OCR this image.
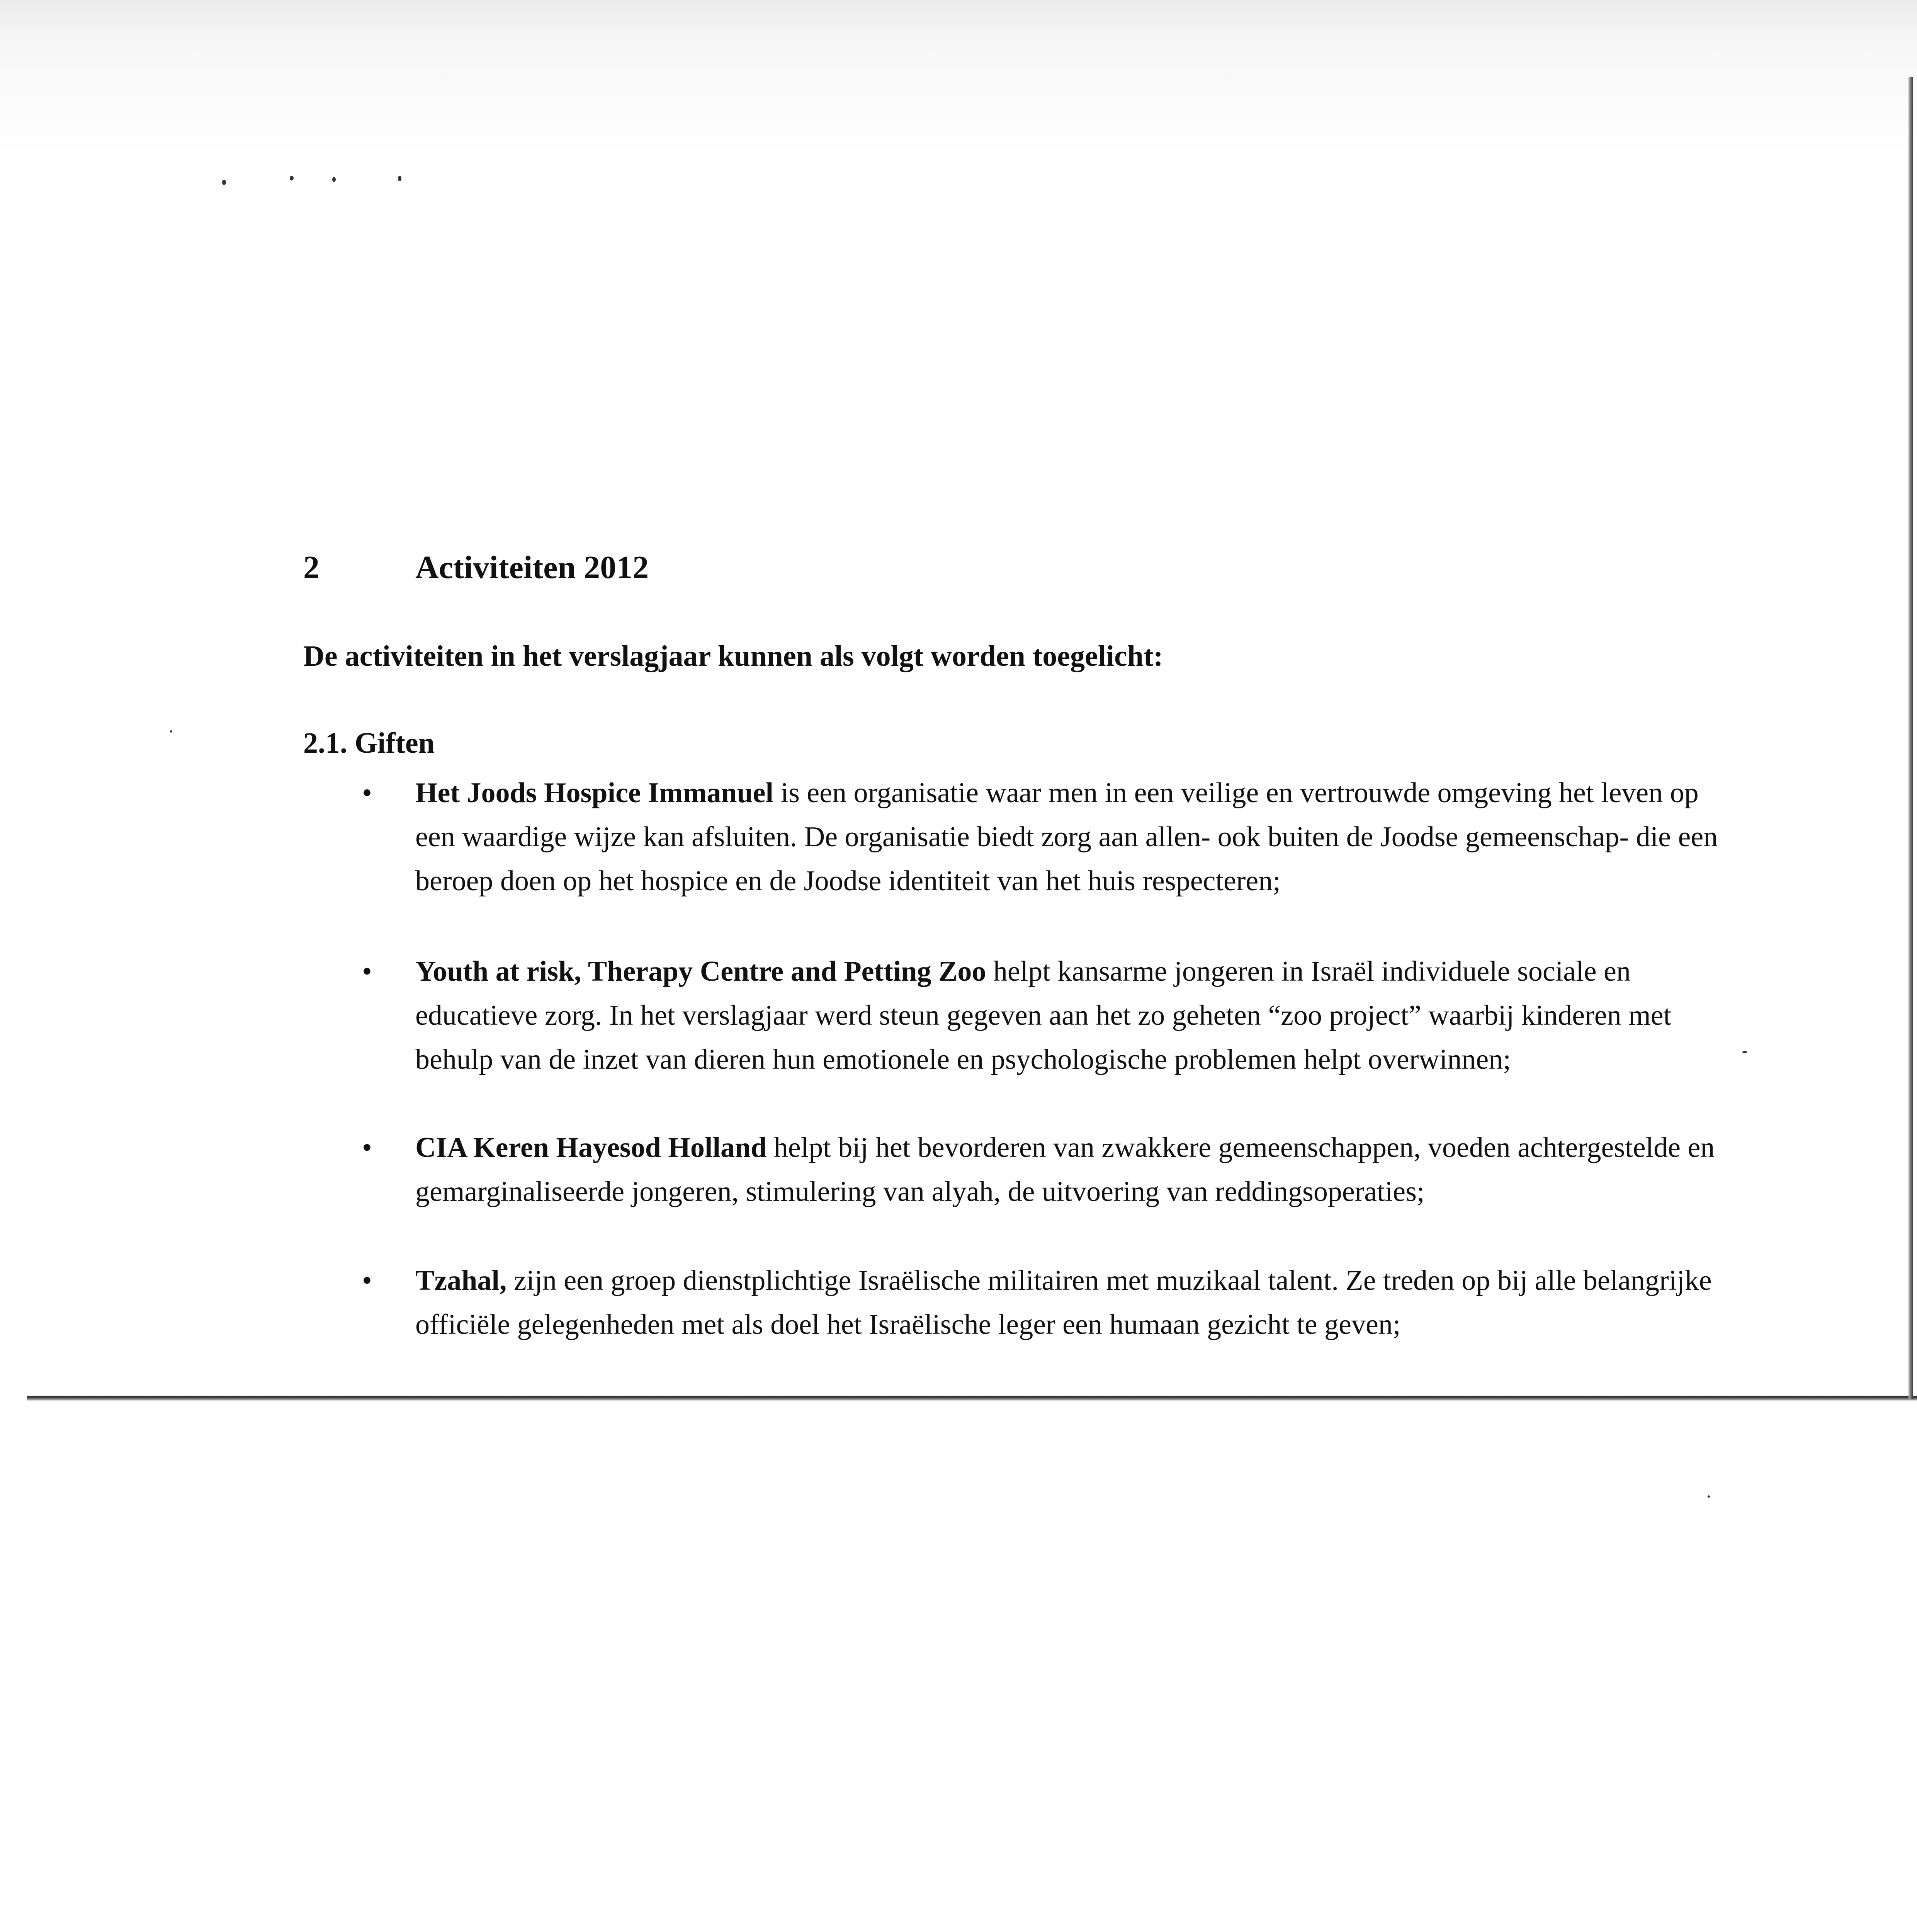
2	Activiteiten 2012
De activiteiten in het verslagjaar kunnen als volgt worden toegelicht:
2.1. Giften
• Het Joods Hospice Immanuel is een organisatie waar men in een veilige en vertrouwde omgeving het leven op een waardige wijze kan afsluiten. De organisatie biedt zorg aan allen- ook buiten de Joodse gemeenschap- die een beroep doen op het hospice en de Joodse identiteit van het huis respecteren;
• Youth at risk, Therapy Centre and Petting Zoo helpt kansarme jongeren in Israël individuele sociale en educatieve zorg. In het verslagjaar werd steun gegeven aan het zo geheten “zoo project” waarbij kinderen met behulp van de inzet van dieren hun emotionele en psychologische problemen helpt overwinnen;
• CIA Keren Hayesod Holland helpt bij het bevorderen van zwakkere gemeenschappen, voeden achtergestelde en gemarginaliseerde jongeren, stimulering van alyah, de uitvoering van reddingsoperaties;
• Tzahal, zijn een groep dienstplichtige Israëlische militairen met muzikaal talent. Ze treden op bij alle belangrijke officiële gelegenheden met als doel het Israëlische leger een humaan gezicht te geven;
